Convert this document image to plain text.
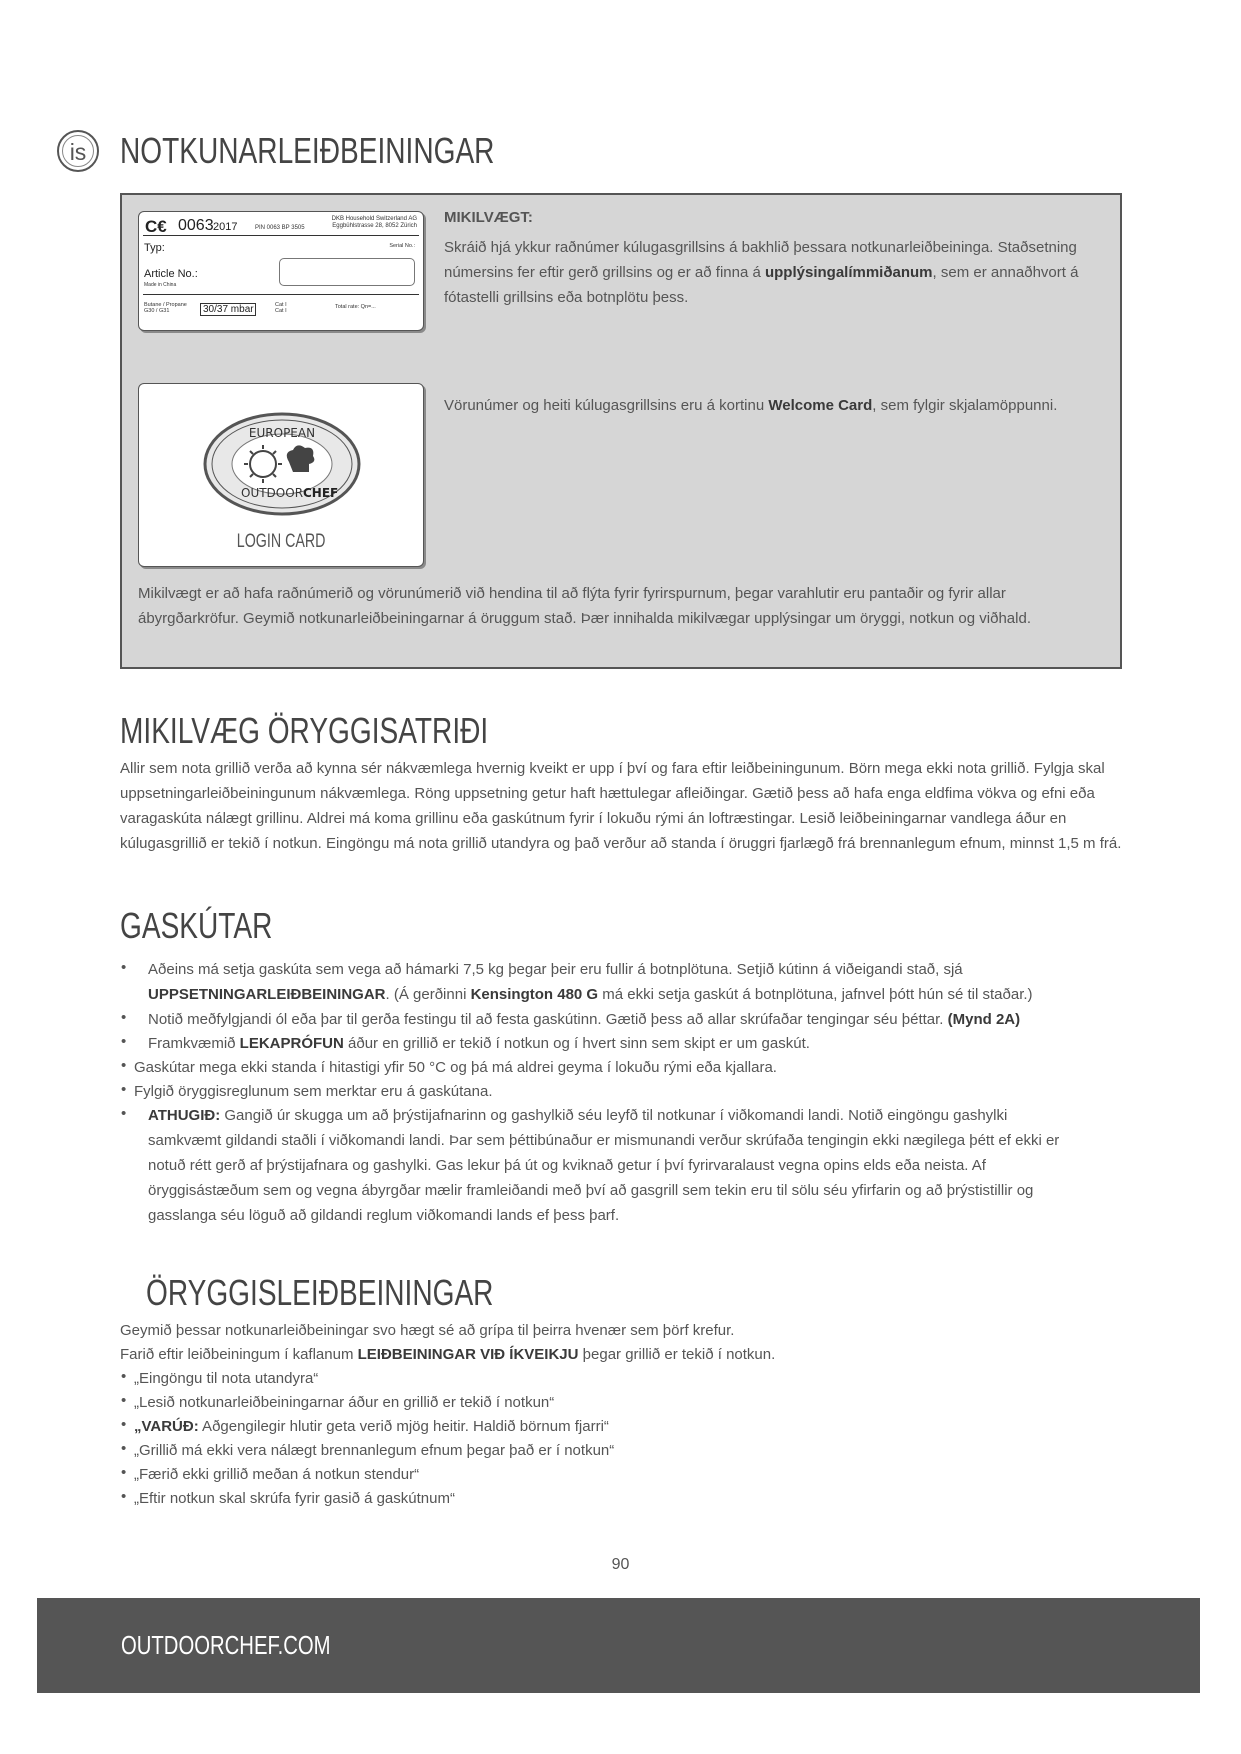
is NOTKUNARLEIÐBEININGAR
C€ 0063 2017	PIN 0063 BP 3505
DKB Household Switzerland AG
Eggbühlstrasse 28, 8052 Zürich
Typ:	Serial No.:
Article No.:
Made in China
Butane / Propane
G30 / G31	30/37 mbar	Cat I
Cat I
Total rate: Qn=...
MIKILVÆGT:
Skráið hjá ykkur raðnúmer kúlugasgrillsins á bakhlið þessara notkunarleiðbeininga. Staðsetning númersins fer eftir gerð grillsins og er að finna á upplýsingalímmiðanum, sem er annaðhvort á fótastelli grillsins eða botnplötu þess.
EUROPEAN
OUTDOOR CHEF
LOGIN CARD
Vörunúmer og heiti kúlugasgrillsins eru á kortinu Welcome Card, sem fylgir skjalamöppunni.
Mikilvægt er að hafa raðnúmerið og vörunúmerið við hendina til að flýta fyrir fyrirspurnum, þegar varahlutir eru pantaðir og fyrir allar ábyrgðarkröfur. Geymið notkunarleiðbeiningarnar á öruggum stað. Þær innihalda mikilvægar upplýsingar um öryggi, notkun og viðhald.
MIKILVÆG ÖRYGGISATRIÐI
Allir sem nota grillið verða að kynna sér nákvæmlega hvernig kveikt er upp í því og fara eftir leiðbeiningunum. Börn mega ekki nota grillið. Fylgja skal uppsetningarleiðbeiningunum nákvæmlega. Röng uppsetning getur haft hættulegar afleiðingar. Gætið þess að hafa enga eldfima vökva og efni eða varagaskúta nálægt grillinu. Aldrei má koma grillinu eða gaskútnum fyrir í lokuðu rými án loftræstingar. Lesið leiðbeiningarnar vandlega áður en kúlugasgrillið er tekið í notkun. Eingöngu má nota grillið utandyra og það verður að standa í öruggri fjarlægð frá brennanlegum efnum, minnst 1,5 m frá.
GASKÚTAR
• Aðeins má setja gaskúta sem vega að hámarki 7,5 kg þegar þeir eru fullir á botnplötuna. Setjið kútinn á viðeigandi stað, sjá UPPSETNINGARLEIÐBEININGAR. (Á gerðinni Kensington 480 G má ekki setja gaskút á botnplötuna, jafnvel þótt hún sé til staðar.)
• Notið meðfylgjandi ól eða þar til gerða festingu til að festa gaskútinn. Gætið þess að allar skrúfaðar tengingar séu þéttar. (Mynd 2A)
• Framkvæmið LEKAPRÓFUN áður en grillið er tekið í notkun og í hvert sinn sem skipt er um gaskút.
• Gaskútar mega ekki standa í hitastigi yfir 50 °C og þá má aldrei geyma í lokuðu rými eða kjallara.
• Fylgið öryggisreglunum sem merktar eru á gaskútana.
• ATHUGIÐ: Gangið úr skugga um að þrýstijafnarinn og gashylkið séu leyfð til notkunar í viðkomandi landi. Notið eingöngu gashylki samkvæmt gildandi staðli í viðkomandi landi. Þar sem þéttibúnaður er mismunandi verður skrúfaða tengingin ekki nægilega þétt ef ekki er notuð rétt gerð af þrýstijafnara og gashylki. Gas lekur þá út og kviknað getur í því fyrirvaralaust vegna opins elds eða neista. Af öryggisástæðum sem og vegna ábyrgðar mælir framleiðandi með því að gasgrill sem tekin eru til sölu séu yfirfarin og að þrýstistillir og gasslanga séu löguð að gildandi reglum viðkomandi lands ef þess þarf.
ÖRYGGISLEIÐBEININGAR
Geymið þessar notkunarleiðbeiningar svo hægt sé að grípa til þeirra hvenær sem þörf krefur.
Farið eftir leiðbeiningum í kaflanum LEIÐBEININGAR VIÐ ÍKVEIKJU þegar grillið er tekið í notkun.
• „Eingöngu til nota utandyra“
• „Lesið notkunarleiðbeiningarnar áður en grillið er tekið í notkun“
• „VARÚÐ: Aðgengilegir hlutir geta verið mjög heitir. Haldið börnum fjarri“
• „Grillið má ekki vera nálægt brennanlegum efnum þegar það er í notkun“
• „Færið ekki grillið meðan á notkun stendur“
• „Eftir notkun skal skrúfa fyrir gasið á gaskútnum“
90
OUTDOORCHEF.COM
